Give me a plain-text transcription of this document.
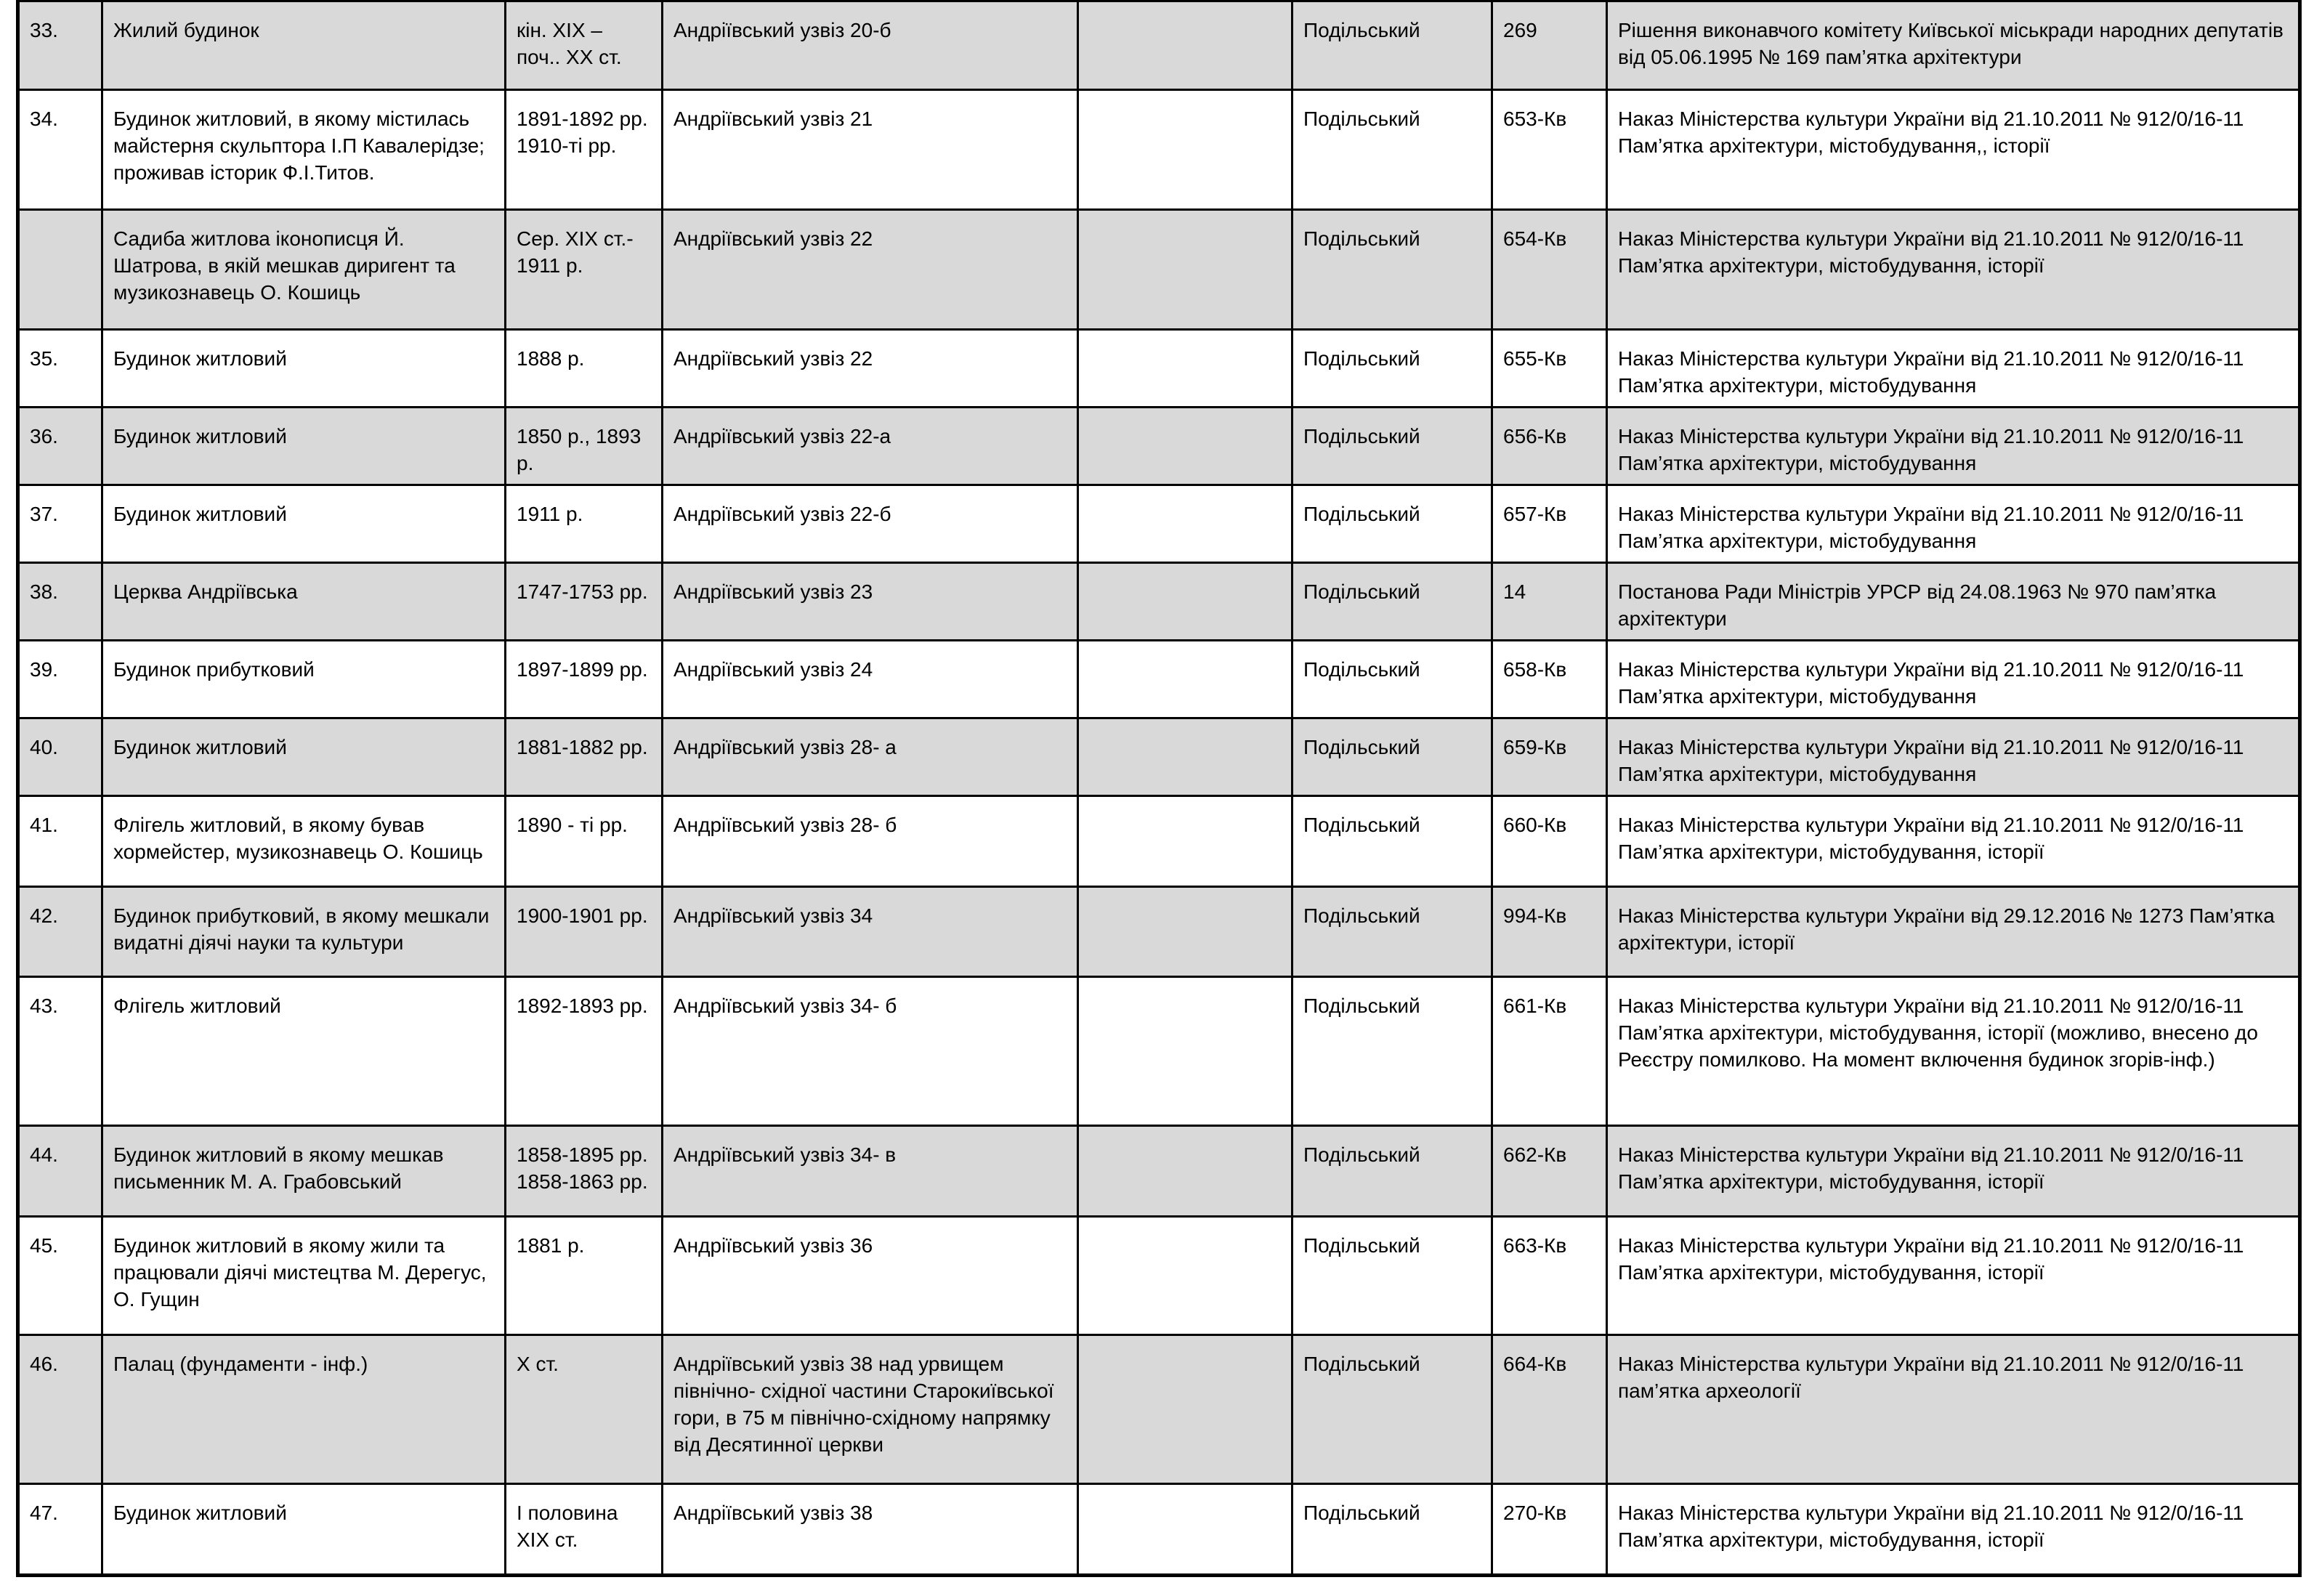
33.	Жилий будинок	кін. ХІХ – поч.. ХХ ст.	Андріївський узвіз 20-б		Подільський	269	Рішення виконавчого комітету Київської міськради народних депутатів від 05.06.1995 № 169 пам’ятка архітектури
34.	Будинок житловий, в якому містилась майстерня скульптора І.П Кавалерідзе; проживав історик Ф.І.Титов.	1891-1892 рр. 1910-ті рр.	Андріївський узвіз 21		Подільський	653-Кв	Наказ Міністерства культури України від 21.10.2011 № 912/0/16-11 Пам’ятка архітектури, містобудування,, історії
	Садиба житлова іконописця Й. Шатрова, в якій мешкав диригент та музикознавець О. Кошиць	Сер. ХІХ ст.- 1911 р.	Андріївський узвіз 22		Подільський	654-Кв	Наказ Міністерства культури України від 21.10.2011 № 912/0/16-11 Пам’ятка архітектури, містобудування, історії
35.	Будинок житловий	1888 р.	Андріївський узвіз 22		Подільський	655-Кв	Наказ Міністерства культури України від 21.10.2011 № 912/0/16-11 Пам’ятка архітектури, містобудування
36.	Будинок житловий	1850 р., 1893 р.	Андріївський узвіз 22-а		Подільський	656-Кв	Наказ Міністерства культури України від 21.10.2011 № 912/0/16-11 Пам’ятка архітектури, містобудування
37.	Будинок житловий	1911 р.	Андріївський узвіз 22-б		Подільський	657-Кв	Наказ Міністерства культури України від 21.10.2011 № 912/0/16-11 Пам’ятка архітектури, містобудування
38.	Церква Андріївська	1747-1753 рр.	Андріївський узвіз 23		Подільський	14	Постанова Ради Міністрів УРСР від 24.08.1963 № 970 пам’ятка архітектури
39.	Будинок прибутковий	1897-1899 рр.	Андріївський узвіз 24		Подільський	658-Кв	Наказ Міністерства культури України від 21.10.2011 № 912/0/16-11 Пам’ятка архітектури, містобудування
40.	Будинок житловий	1881-1882 рр.	Андріївський узвіз 28- а		Подільський	659-Кв	Наказ Міністерства культури України від 21.10.2011 № 912/0/16-11 Пам’ятка архітектури, містобудування
41.	Флігель житловий, в якому бував хормейстер, музикознавець О. Кошиць	1890 - ті рр.	Андріївський узвіз 28- б		Подільський	660-Кв	Наказ Міністерства культури України від 21.10.2011 № 912/0/16-11 Пам’ятка архітектури, містобудування, історії
42.	Будинок прибутковий, в якому мешкали видатні діячі науки та культури	1900-1901 рр.	Андріївський узвіз 34		Подільський	994-Кв	Наказ Міністерства культури України від 29.12.2016 № 1273 Пам’ятка архітектури, історії
43.	Флігель житловий	1892-1893 рр.	Андріївський узвіз 34- б		Подільський	661-Кв	Наказ Міністерства культури України від 21.10.2011 № 912/0/16-11 Пам’ятка архітектури, містобудування, історії (можливо, внесено до Реєстру помилково. На момент включення будинок згорів-інф.)
44.	Будинок житловий в якому мешкав письменник М. А. Грабовський	1858-1895 рр. 1858-1863 рр.	Андріївський узвіз 34- в		Подільський	662-Кв	Наказ Міністерства культури України від 21.10.2011 № 912/0/16-11 Пам’ятка архітектури, містобудування, історії
45.	Будинок житловий в якому жили та працювали діячі мистецтва М. Дерегус, О. Гущин	1881 р.	Андріївський узвіз 36		Подільський	663-Кв	Наказ Міністерства культури України від 21.10.2011 № 912/0/16-11 Пам’ятка архітектури, містобудування, історії
46.	Палац (фундаменти - інф.)	Х ст.	Андріївський узвіз 38 над урвищем північно- східної частини Старокиївської гори, в 75 м північно-східному напрямку від Десятинної церкви		Подільський	664-Кв	Наказ Міністерства культури України від 21.10.2011 № 912/0/16-11 пам’ятка археології
47.	Будинок житловий	І половина ХІХ ст.	Андріївський узвіз 38		Подільський	270-Кв	Наказ Міністерства культури України від 21.10.2011 № 912/0/16-11 Пам’ятка архітектури, містобудування, історії
